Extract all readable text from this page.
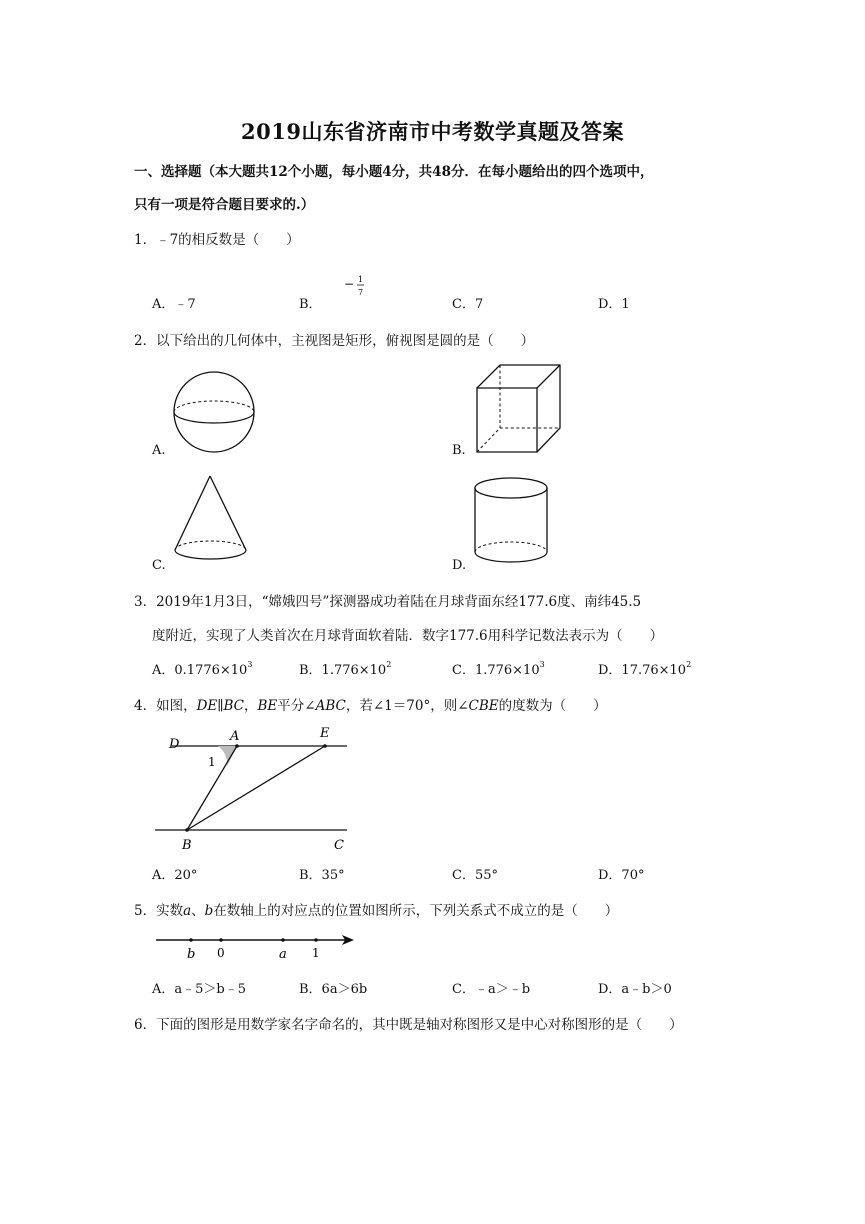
2019山东省济南市中考数学真题及答案
一、选择题（本大题共12个小题，每小题4分，共48分．在每小题给出的四个选项中，
只有一项是符合题目要求的.）
1．﹣7的相反数是（　　）
A．﹣7	B．
− 1
7
C．7	D．1
2．以下给出的几何体中，主视图是矩形，俯视图是圆的是（　　）
A.	B.
C.	D.
3．2019年1月3日，“嫦娥四号”探测器成功着陆在月球背面东经177.6度、南纬45.5
度附近，实现了人类首次在月球背面软着陆．数字177.6用科学记数法表示为（　　）
A．$0.1776\times 10^3$	B．$1.776\times 10^2$	C．$1.776\times 10^3$	D．$17.76\times 10^2$
4．如图，DE∥BC，BE平分∠ABC，若∠1＝70°，则∠CBE的度数为（　　）
D
A	E
1
B	C
A．20°	B．35°	C．55°	D．70°
5．实数a、b在数轴上的对应点的位置如图所示，下列关系式不成立的是（　　）
b 0	a 1
A．a﹣5＞b﹣5	B．6a＞6b	C．﹣a＞﹣b	D．a﹣b＞0
6．下面的图形是用数学家名字命名的，其中既是轴对称图形又是中心对称图形的是（　　）
